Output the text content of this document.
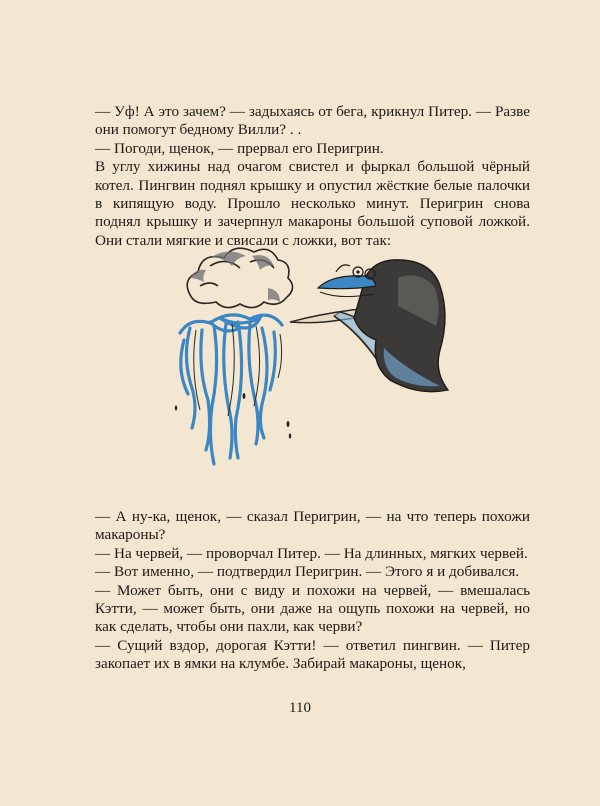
— Уф! А это зачем? — задыхаясь от бега, крикнул Питер. — Разве они помогут бедному Вилли? . .

— Погоди, щенок, — прервал его Перигрин.

В углу хижины над очагом свистел и фыркал большой чёрный котел. Пингвин поднял крышку и опустил жёсткие белые палочки в кипящую воду. Прошло несколько минут. Перигрин снова поднял крышку и зачерпнул макароны большой суповой ложкой. Они стали мягкие и свисали с ложки, вот так:

— А ну-ка, щенок, — сказал Перигрин, — на что теперь похожи макароны?

— На червей, — проворчал Питер. — На длинных, мягких червей.

— Вот именно, — подтвердил Перигрин. — Этого я и добивался.

— Может быть, они с виду и похожи на червей, — вмешалась Кэтти, — может быть, они даже на ощупь похожи на червей, но как сделать, чтобы они пахли, как черви?

— Сущий вздор, дорогая Кэтти! — ответил пингвин. — Питер закопает их в ямки на клумбе. Забирай макароны, щенок,

110
